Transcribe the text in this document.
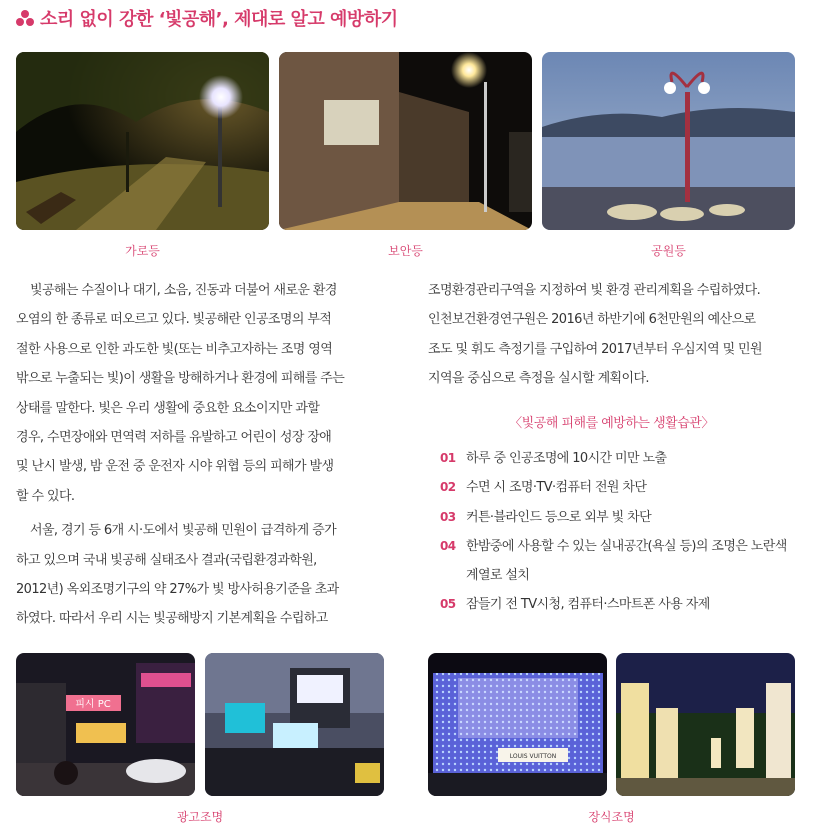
소리 없이 강한 ‘빛공해’, 제대로 알고 예방하기
가로등	보안등	공원등

빛공해는 수질이나 대기, 소음, 진동과 더불어 새로운 환경

오염의 한 종류로 떠오르고 있다. 빛공해란 인공조명의 부적

절한 사용으로 인한 과도한 빛(또는 비추고자하는 조명 영역

밖으로 누출되는 빛)이 생활을 방해하거나 환경에 피해를 주는

상태를 말한다. 빛은 우리 생활에 중요한 요소이지만 과할

경우, 수면장애와 면역력 저하를 유발하고 어린이 성장 장애

및 난시 발생, 밤 운전 중 운전자 시야 위협 등의 피해가 발생

할 수 있다.

서울, 경기 등 6개 시·도에서 빛공해 민원이 급격하게 증가

하고 있으며 국내 빛공해 실태조사 결과(국립환경과학원,

2012년) 옥외조명기구의 약 27%가 빛 방사허용기준을 초과

하였다. 따라서 우리 시는 빛공해방지 기본계획을 수립하고

조명환경관리구역을 지정하여 빛 환경 관리계획을 수립하였다.

인천보건환경연구원은 2016년 하반기에 6천만원의 예산으로

조도 및 휘도 측정기를 구입하여 2017년부터 우심지역 및 민원

지역을 중심으로 측정을 실시할 계획이다.

〈빛공해 피해를 예방하는 생활습관〉
01 하루 중 인공조명에 10시간 미만 노출
02 수면 시 조명·TV·컴퓨터 전원 차단
03 커튼·블라인드 등으로 외부 빛 차단
04 한밤중에 사용할 수 있는 실내공간(욕실 등)의 조명은 노란색 계열로 설치
05 잠들기 전 TV시청, 컴퓨터·스마트폰 사용 자제
피시 PC
광고조명
LOUIS VUITTON
장식조명
